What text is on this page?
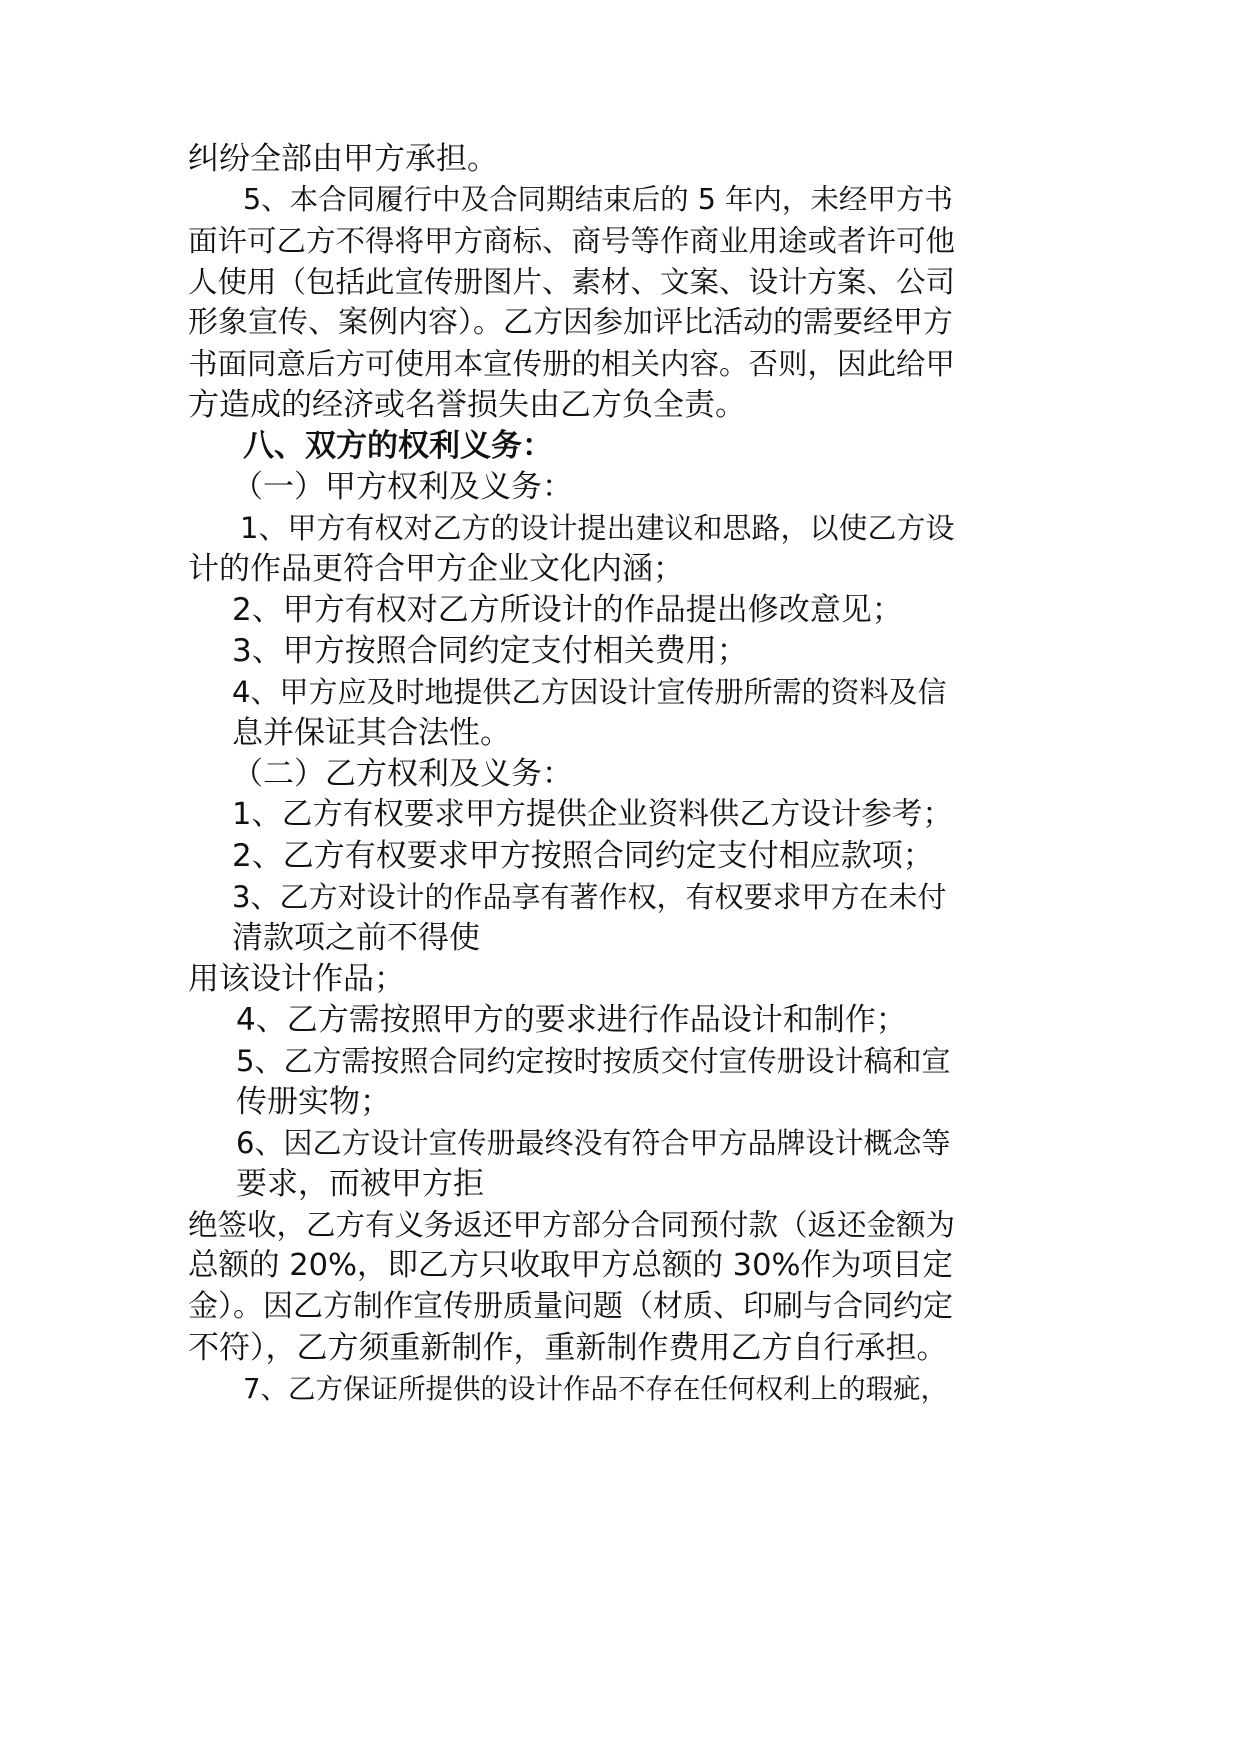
纠纷全部由甲方承担。
5、本合同履行中及合同期结束后的 5 年内，未经甲方书
面许可乙方不得将甲方商标、商号等作商业用途或者许可他
人使用（包括此宣传册图片、素材、文案、设计方案、公司
形象宣传、案例内容）。乙方因参加评比活动的需要经甲方
书面同意后方可使用本宣传册的相关内容。否则，因此给甲
方造成的经济或名誉损失由乙方负全责。
八、双方的权利义务：
（一）甲方权利及义务：
1、甲方有权对乙方的设计提出建议和思路，以使乙方设
计的作品更符合甲方企业文化内涵；
2、甲方有权对乙方所设计的作品提出修改意见；
3、甲方按照合同约定支付相关费用；
4、甲方应及时地提供乙方因设计宣传册所需的资料及信
息并保证其合法性。
（二）乙方权利及义务：
1、乙方有权要求甲方提供企业资料供乙方设计参考；
2、乙方有权要求甲方按照合同约定支付相应款项；
3、乙方对设计的作品享有著作权，有权要求甲方在未付
清款项之前不得使
用该设计作品；
4、乙方需按照甲方的要求进行作品设计和制作；
5、乙方需按照合同约定按时按质交付宣传册设计稿和宣
传册实物；
6、因乙方设计宣传册最终没有符合甲方品牌设计概念等
要求，而被甲方拒
绝签收，乙方有义务返还甲方部分合同预付款（返还金额为
总额的 20%，即乙方只收取甲方总额的 30%作为项目定
金）。因乙方制作宣传册质量问题（材质、印刷与合同约定
不符），乙方须重新制作，重新制作费用乙方自行承担。
7、乙方保证所提供的设计作品不存在任何权利上的瑕疵，
